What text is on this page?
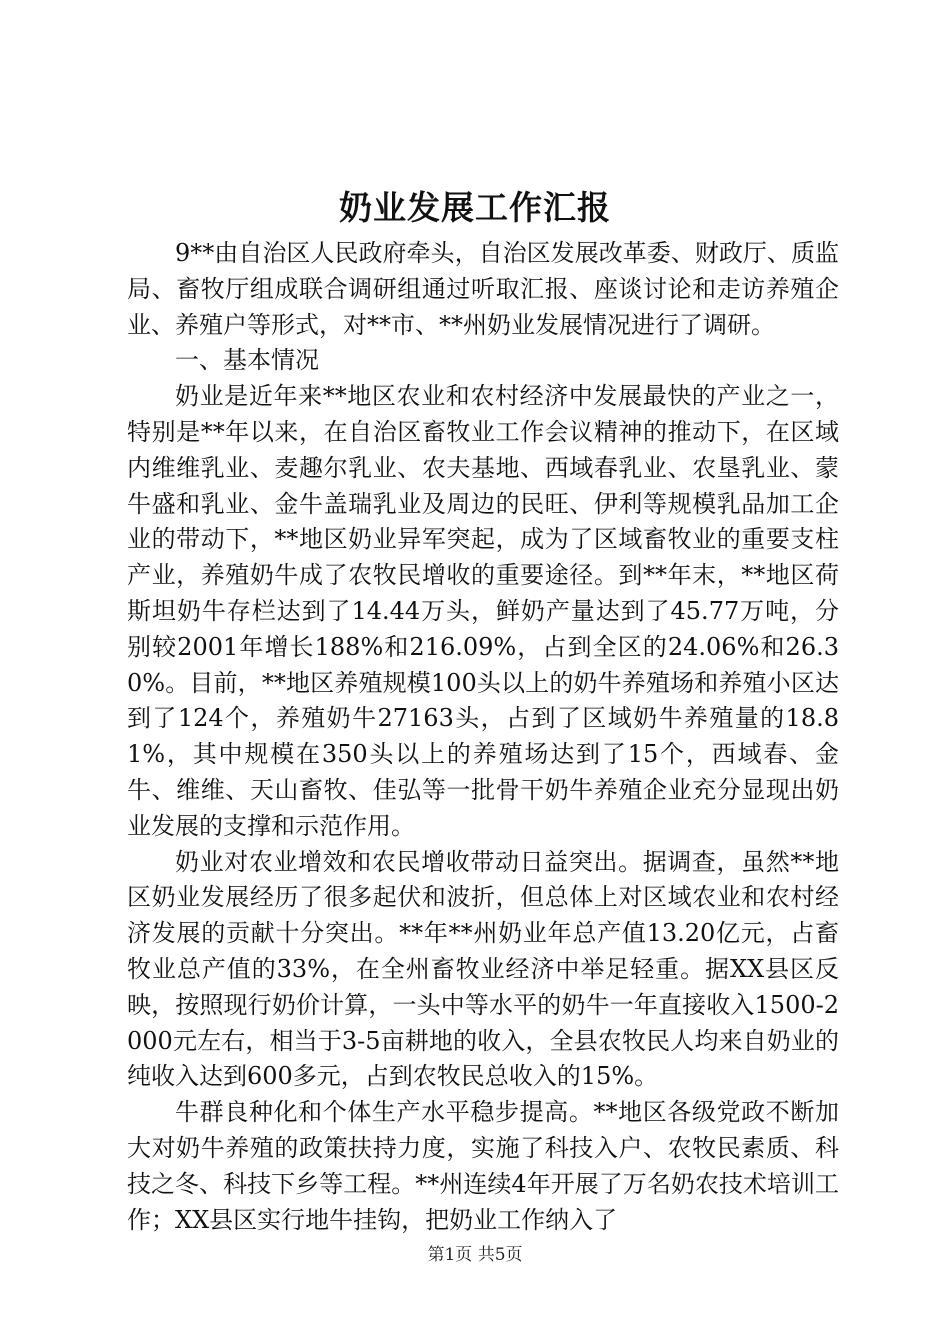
奶业发展工作汇报

9**由自治区人民政府牵头，自治区发展改革委、财政厅、质监局、畜牧厅组成联合调研组通过听取汇报、座谈讨论和走访养殖企业、养殖户等形式，对**市、**州奶业发展情况进行了调研。

一、基本情况

奶业是近年来**地区农业和农村经济中发展最快的产业之一，特别是**年以来，在自治区畜牧业工作会议精神的推动下，在区域内维维乳业、麦趣尔乳业、农夫基地、西域春乳业、农垦乳业、蒙牛盛和乳业、金牛盖瑞乳业及周边的民旺、伊利等规模乳品加工企业的带动下，**地区奶业异军突起，成为了区域畜牧业的重要支柱产业，养殖奶牛成了农牧民增收的重要途径。到**年末，**地区荷斯坦奶牛存栏达到了14.44万头，鲜奶产量达到了45.77万吨，分别较2001年增长188%和216.09%，占到全区的24.06%和26.30%。目前，**地区养殖规模100头以上的奶牛养殖场和养殖小区达到了124个，养殖奶牛27163头，占到了区域奶牛养殖量的18.81%，其中规模在350头以上的养殖场达到了15个，西域春、金牛、维维、天山畜牧、佳弘等一批骨干奶牛养殖企业充分显现出奶业发展的支撑和示范作用。

奶业对农业增效和农民增收带动日益突出。据调查，虽然**地区奶业发展经历了很多起伏和波折，但总体上对区域农业和农村经济发展的贡献十分突出。**年**州奶业年总产值13.20亿元，占畜牧业总产值的33%，在全州畜牧业经济中举足轻重。据XX县区反映，按照现行奶价计算，一头中等水平的奶牛一年直接收入1500-2000元左右，相当于3-5亩耕地的收入，全县农牧民人均来自奶业的纯收入达到600多元，占到农牧民总收入的15%。

牛群良种化和个体生产水平稳步提高。**地区各级党政不断加大对奶牛养殖的政策扶持力度，实施了科技入户、农牧民素质、科技之冬、科技下乡等工程。**州连续4年开展了万名奶农技术培训工作；XX县区实行地牛挂钩，把奶业工作纳入了

第1页 共5页
